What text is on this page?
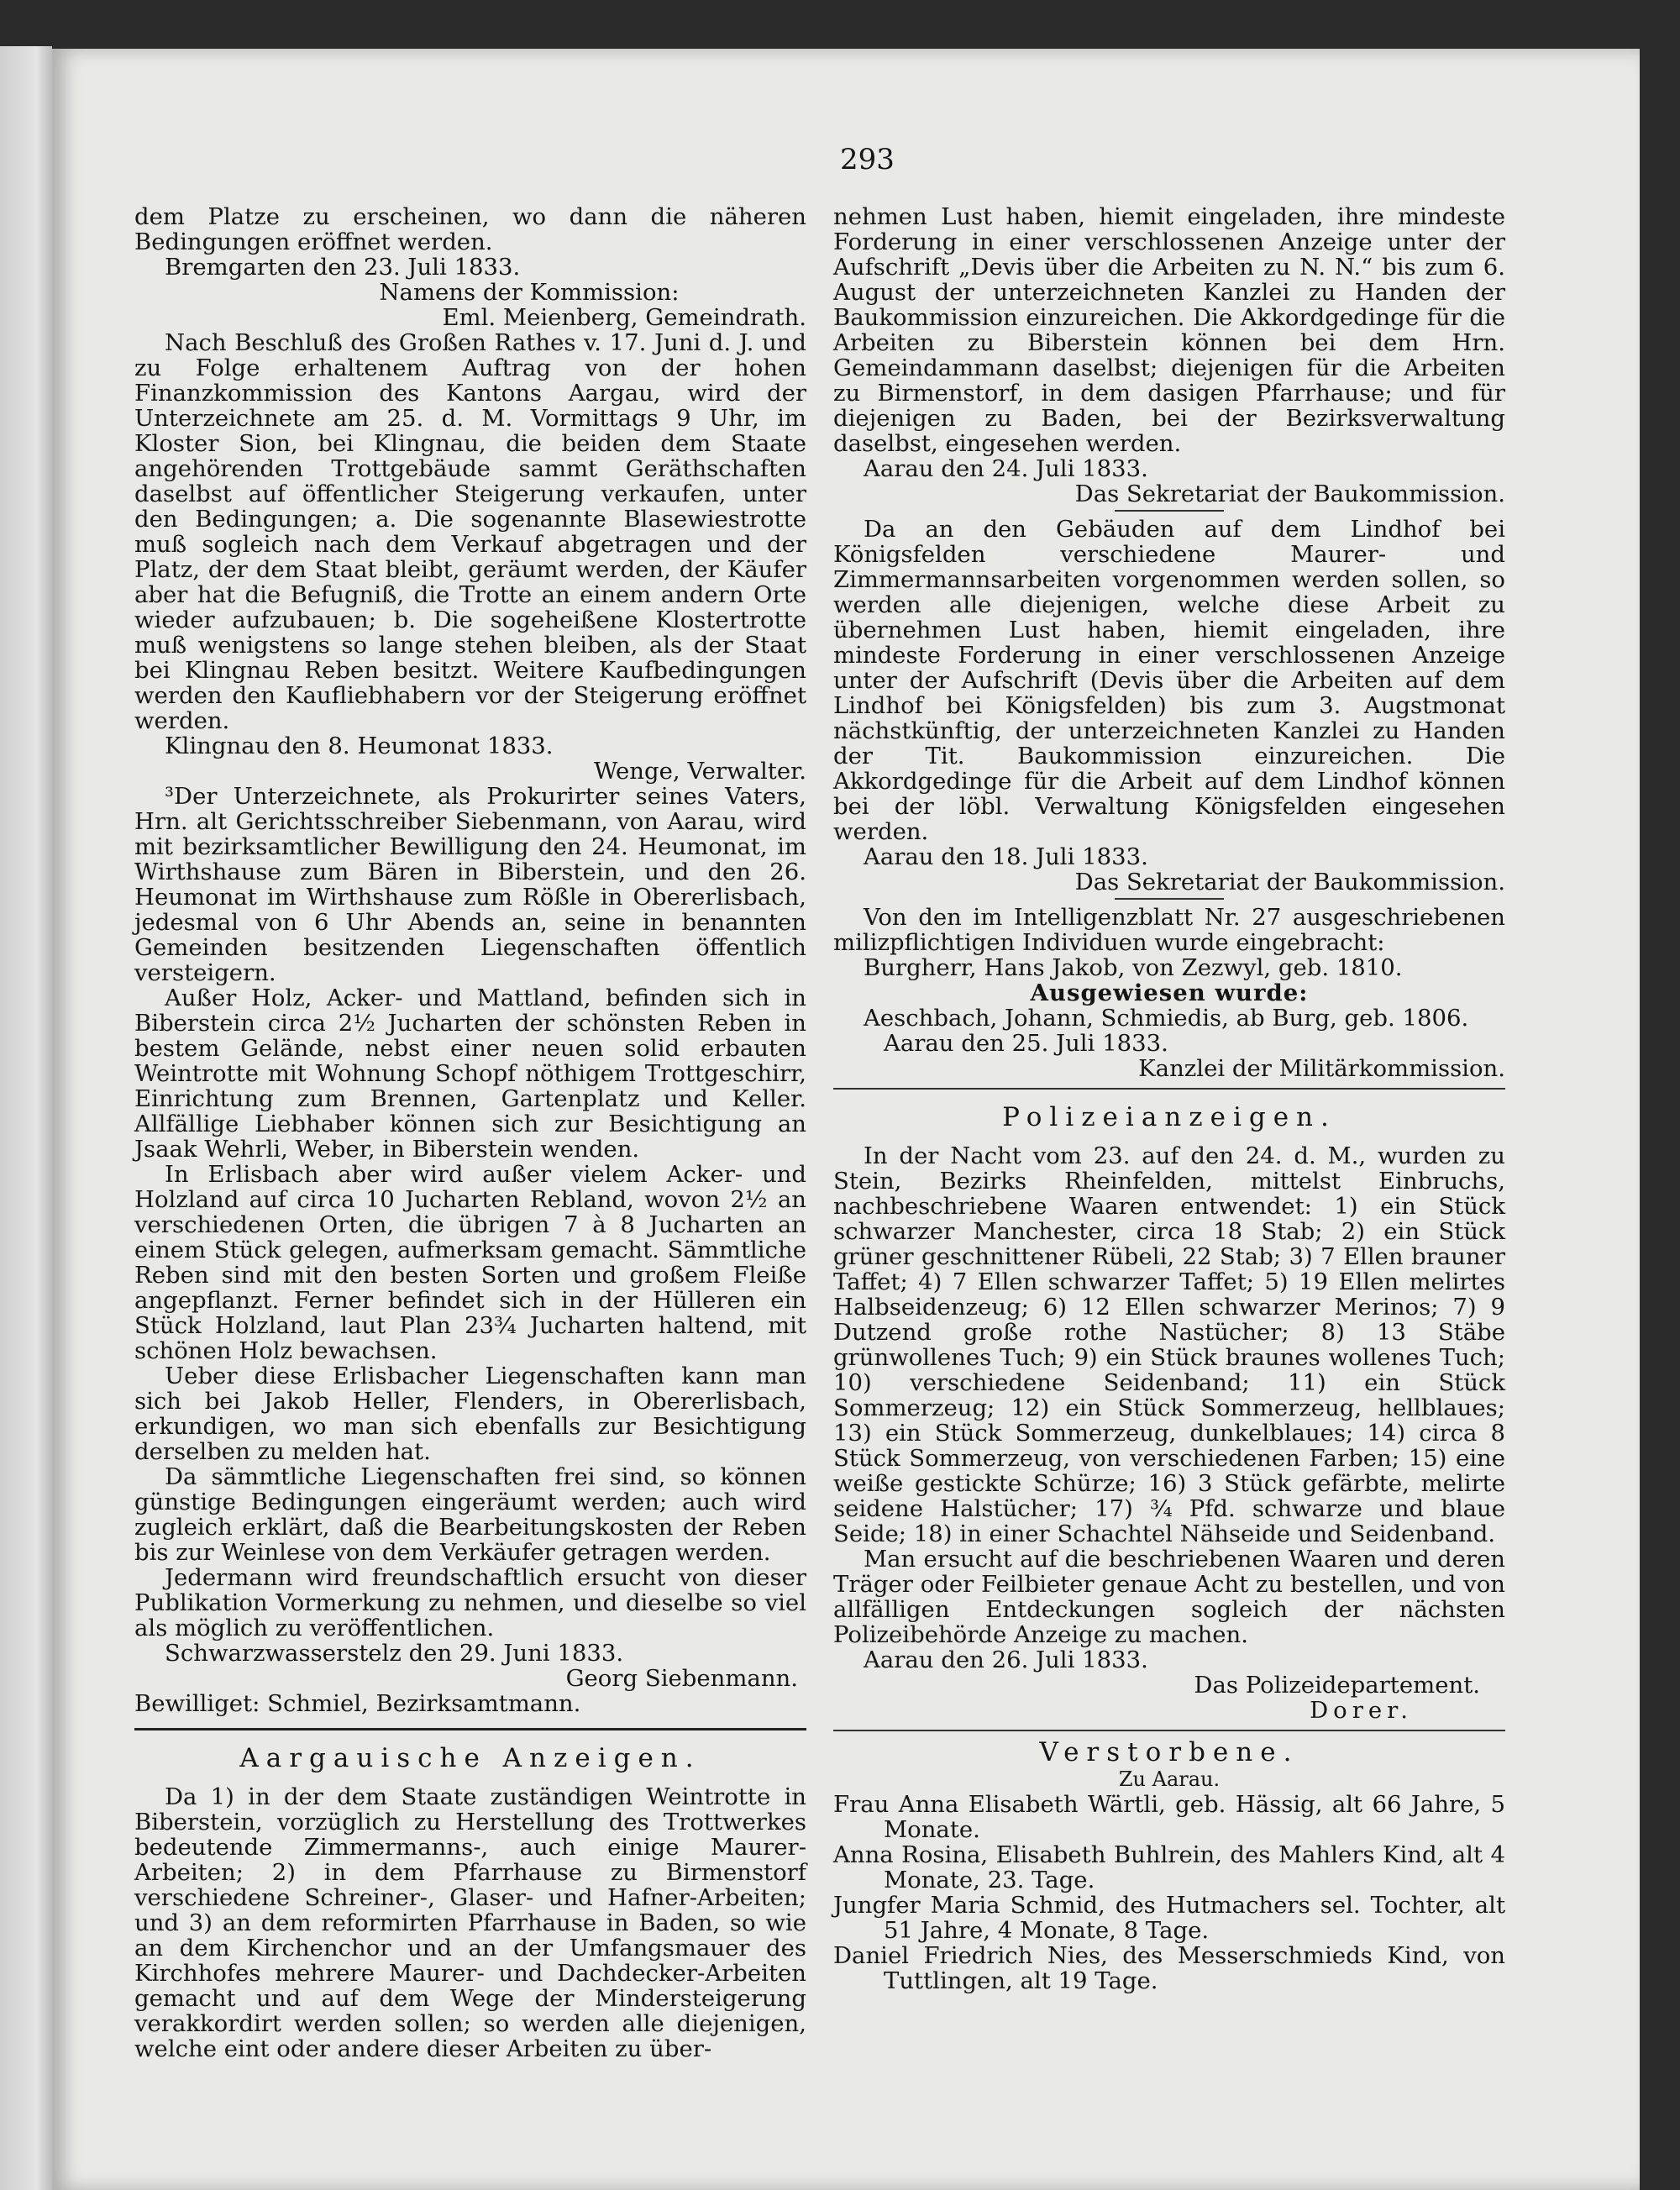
293

dem Platze zu erscheinen, wo dann die näheren Bedingungen eröffnet werden.

Bremgarten den 23. Juli 1833.

Namens der Kommission:

Eml. Meienberg, Gemeindrath.

Nach Beschluß des Großen Rathes v. 17. Juni d. J. und zu Folge erhaltenem Auftrag von der hohen Finanzkommission des Kantons Aargau, wird der Unterzeichnete am 25. d. M. Vormittags 9 Uhr, im Kloster Sion, bei Klingnau, die beiden dem Staate angehörenden Trottgebäude sammt Geräthschaften daselbst auf öffentlicher Steigerung verkaufen, unter den Bedingungen; a. Die sogenannte Blasewiestrotte muß sogleich nach dem Verkauf abgetragen und der Platz, der dem Staat bleibt, geräumt werden, der Käufer aber hat die Befugniß, die Trotte an einem andern Orte wieder aufzubauen; b. Die sogeheißene Klostertrotte muß wenigstens so lange stehen bleiben, als der Staat bei Klingnau Reben besitzt. Weitere Kaufbedingungen werden den Kaufliebhabern vor der Steigerung eröffnet werden.

Klingnau den 8. Heumonat 1833.

Wenge, Verwalter.

³Der Unterzeichnete, als Prokurirter seines Vaters, Hrn. alt Gerichtsschreiber Siebenmann, von Aarau, wird mit bezirksamtlicher Bewilligung den 24. Heumonat, im Wirthshause zum Bären in Biberstein, und den 26. Heumonat im Wirthshause zum Rößle in Obererlisbach, jedesmal von 6 Uhr Abends an, seine in benannten Gemeinden besitzenden Liegenschaften öffentlich versteigern.

Außer Holz, Acker- und Mattland, befinden sich in Biberstein circa 2½ Jucharten der schönsten Reben in bestem Gelände, nebst einer neuen solid erbauten Weintrotte mit Wohnung Schopf nöthigem Trottgeschirr, Einrichtung zum Brennen, Gartenplatz und Keller. Allfällige Liebhaber können sich zur Besichtigung an Jsaak Wehrli, Weber, in Biberstein wenden.

In Erlisbach aber wird außer vielem Acker- und Holzland auf circa 10 Jucharten Rebland, wovon 2½ an verschiedenen Orten, die übrigen 7 à 8 Jucharten an einem Stück gelegen, aufmerksam gemacht. Sämmtliche Reben sind mit den besten Sorten und großem Fleiße angepflanzt. Ferner befindet sich in der Hülleren ein Stück Holzland, laut Plan 23¾ Jucharten haltend, mit schönen Holz bewachsen.

Ueber diese Erlisbacher Liegenschaften kann man sich bei Jakob Heller, Flenders, in Obererlisbach, erkundigen, wo man sich ebenfalls zur Besichtigung derselben zu melden hat.

Da sämmtliche Liegenschaften frei sind, so können günstige Bedingungen eingeräumt werden; auch wird zugleich erklärt, daß die Bearbeitungskosten der Reben bis zur Weinlese von dem Verkäufer getragen werden.

Jedermann wird freundschaftlich ersucht von dieser Publikation Vormerkung zu nehmen, und dieselbe so viel als möglich zu veröffentlichen.

Schwarzwasserstelz den 29. Juni 1833.

Georg Siebenmann.

Bewilliget: Schmiel, Bezirksamtmann.

Aargauische Anzeigen.

Da 1) in der dem Staate zuständigen Weintrotte in Biberstein, vorzüglich zu Herstellung des Trottwerkes bedeutende Zimmermanns-, auch einige Maurer-Arbeiten; 2) in dem Pfarrhause zu Birmenstorf verschiedene Schreiner-, Glaser- und Hafner-Arbeiten; und 3) an dem reformirten Pfarrhause in Baden, so wie an dem Kirchenchor und an der Umfangsmauer des Kirchhofes mehrere Maurer- und Dachdecker-Arbeiten gemacht und auf dem Wege der Mindersteigerung verakkordirt werden sollen; so werden alle diejenigen, welche eint oder andere dieser Arbeiten zu über-

nehmen Lust haben, hiemit eingeladen, ihre mindeste Forderung in einer verschlossenen Anzeige unter der Aufschrift „Devis über die Arbeiten zu N. N.“ bis zum 6. August der unterzeichneten Kanzlei zu Handen der Baukommission einzureichen. Die Akkordgedinge für die Arbeiten zu Biberstein können bei dem Hrn. Gemeindammann daselbst; diejenigen für die Arbeiten zu Birmenstorf, in dem dasigen Pfarrhause; und für diejenigen zu Baden, bei der Bezirksverwaltung daselbst, eingesehen werden.

Aarau den 24. Juli 1833.

Das Sekretariat der Baukommission.

Da an den Gebäuden auf dem Lindhof bei Königsfelden verschiedene Maurer- und Zimmermannsarbeiten vorgenommen werden sollen, so werden alle diejenigen, welche diese Arbeit zu übernehmen Lust haben, hiemit eingeladen, ihre mindeste Forderung in einer verschlossenen Anzeige unter der Aufschrift (Devis über die Arbeiten auf dem Lindhof bei Königsfelden) bis zum 3. Augstmonat nächstkünftig, der unterzeichneten Kanzlei zu Handen der Tit. Baukommission einzureichen. Die Akkordgedinge für die Arbeit auf dem Lindhof können bei der löbl. Verwaltung Königsfelden eingesehen werden.

Aarau den 18. Juli 1833.

Das Sekretariat der Baukommission.

Von den im Intelligenzblatt Nr. 27 ausgeschriebenen milizpflichtigen Individuen wurde eingebracht:

Burgherr, Hans Jakob, von Zezwyl, geb. 1810.

Ausgewiesen wurde:

Aeschbach, Johann, Schmiedis, ab Burg, geb. 1806.

Aarau den 25. Juli 1833.

Kanzlei der Militärkommission.

Polizeianzeigen.

In der Nacht vom 23. auf den 24. d. M., wurden zu Stein, Bezirks Rheinfelden, mittelst Einbruchs, nachbeschriebene Waaren entwendet: 1) ein Stück schwarzer Manchester, circa 18 Stab; 2) ein Stück grüner geschnittener Rübeli, 22 Stab; 3) 7 Ellen brauner Taffet; 4) 7 Ellen schwarzer Taffet; 5) 19 Ellen melirtes Halbseidenzeug; 6) 12 Ellen schwarzer Merinos; 7) 9 Dutzend große rothe Nastücher; 8) 13 Stäbe grünwollenes Tuch; 9) ein Stück braunes wollenes Tuch; 10) verschiedene Seidenband; 11) ein Stück Sommerzeug; 12) ein Stück Sommerzeug, hellblaues; 13) ein Stück Sommerzeug, dunkelblaues; 14) circa 8 Stück Sommerzeug, von verschiedenen Farben; 15) eine weiße gestickte Schürze; 16) 3 Stück gefärbte, melirte seidene Halstücher; 17) ¾ Pfd. schwarze und blaue Seide; 18) in einer Schachtel Nähseide und Seidenband.

Man ersucht auf die beschriebenen Waaren und deren Träger oder Feilbieter genaue Acht zu bestellen, und von allfälligen Entdeckungen sogleich der nächsten Polizeibehörde Anzeige zu machen.

Aarau den 26. Juli 1833.

Das Polizeidepartement.

Dorer.

Verstorbene.

Zu Aarau.

Frau Anna Elisabeth Wärtli, geb. Hässig, alt 66 Jahre, 5 Monate.

Anna Rosina, Elisabeth Buhlrein, des Mahlers Kind, alt 4 Monate, 23. Tage.

Jungfer Maria Schmid, des Hutmachers sel. Tochter, alt 51 Jahre, 4 Monate, 8 Tage.

Daniel Friedrich Nies, des Messerschmieds Kind, von Tuttlingen, alt 19 Tage.
